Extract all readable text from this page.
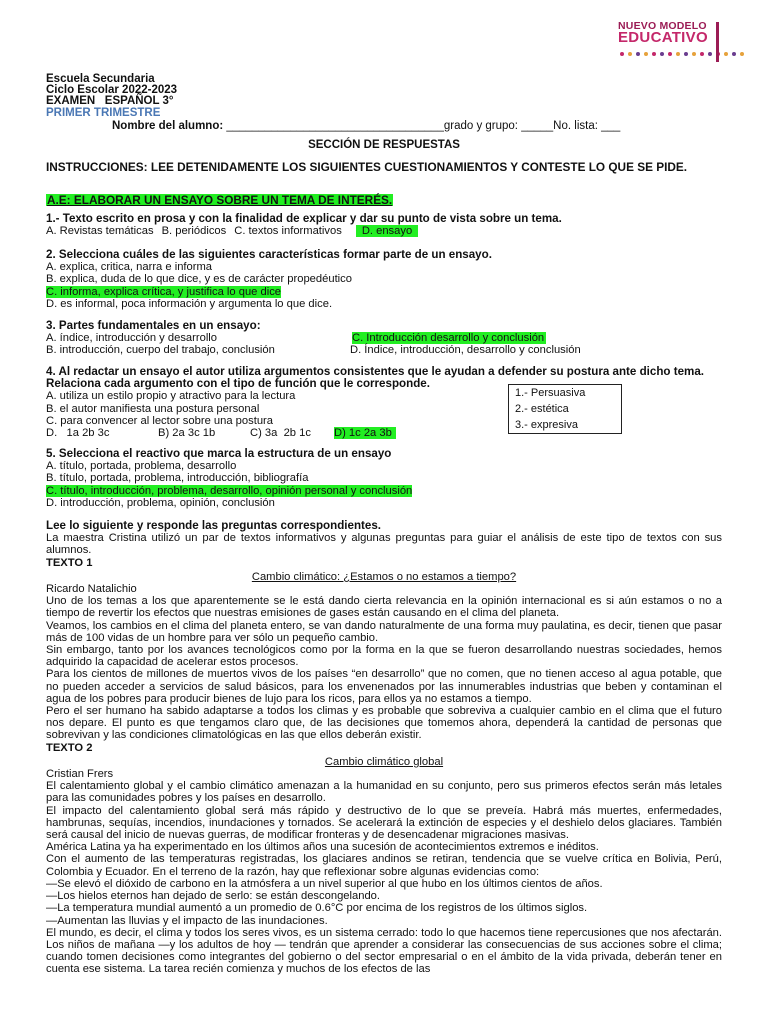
NUEVO MODELO
EDUCATIVO
Escuela Secundaria
Ciclo Escolar 2022-2023
EXAMEN   ESPAÑOL 3°
PRIMER TRIMESTRE
Nombre del alumno: __________________________________grado y grupo: _____No. lista: ___
SECCIÓN DE RESPUESTAS
INSTRUCCIONES: LEE DETENIDAMENTE LOS SIGUIENTES CUESTIONAMIENTOS Y CONTESTE LO QUE SE PIDE.
A.E: ELABORAR UN ENSAYO SOBRE UN TEMA DE INTERÉS.
1.- Texto escrito en prosa y con la finalidad de explicar y dar su punto de vista sobre un tema.
A. Revistas temáticas B. periódicos C. textos informativos D. ensayo
2. Selecciona cuáles de las siguientes características formar parte de un ensayo.
A. explica, critica, narra e informa
B. explica, duda de lo que dice, y es de carácter propedéutico
C. informa, explica crítica, y justifica lo que dice
D. es informal, poca información y argumenta lo que dice.
3. Partes fundamentales en un ensayo:
A. índice, introducción y desarrollo	C. Introducción desarrollo y conclusión
B. introducción, cuerpo del trabajo, conclusión	D. Índice, introducción, desarrollo y conclusión
4. Al redactar un ensayo el autor utiliza argumentos consistentes que le ayudan a defender su postura ante dicho tema. Relaciona cada argumento con el tipo de función que le corresponde.
A. utiliza un estilo propio y atractivo para la lectura
B. el autor manifiesta una postura personal
C. para convencer al lector sobre una postura
D.   1a 2b 3c	B) 2a 3c 1b	C) 3a  2b 1c D) 1c 2a 3b
1.- Persuasiva
2.- estética
3.- expresiva
5. Selecciona el reactivo que marca la estructura de un ensayo
A. título, portada, problema, desarrollo
B. título, portada, problema, introducción, bibliografía
C. título, introducción, problema, desarrollo, opinión personal y conclusión
D. introducción, problema, opinión, conclusión

Lee lo siguiente y responde las preguntas correspondientes.

La maestra Cristina utilizó un par de textos informativos y algunas preguntas para guiar el análisis de este tipo de textos con sus alumnos.

TEXTO 1

Cambio climático: ¿Estamos o no estamos a tiempo?

Ricardo Natalichio

Uno de los temas a los que aparentemente se le está dando cierta relevancia en la opinión internacional es si aún estamos o no a tiempo de revertir los efectos que nuestras emisiones de gases están causando en el clima del planeta.

Veamos, los cambios en el clima del planeta entero, se van dando naturalmente de una forma muy paulatina, es decir, tienen que pasar más de 100 vidas de un hombre para ver sólo un pequeño cambio.

Sin embargo, tanto por los avances tecnológicos como por la forma en la que se fueron desarrollando nuestras sociedades, hemos adquirido la capacidad de acelerar estos procesos.

Para los cientos de millones de muertos vivos de los países “en desarrollo” que no comen, que no tienen acceso al agua potable, que no pueden acceder a servicios de salud básicos, para los envenenados por las innumerables industrias que beben y contaminan el agua de los pobres para producir bienes de lujo para los ricos, para ellos ya no estamos a tiempo.

Pero el ser humano ha sabido adaptarse a todos los climas y es probable que sobreviva a cualquier cambio en el clima que el futuro nos depare. El punto es que tengamos claro que, de las decisiones que tomemos ahora, dependerá la cantidad de personas que sobrevivan y las condiciones climatológicas en las que ellos deberán existir.

TEXTO 2

Cambio climático global

Cristian Frers

El calentamiento global y el cambio climático amenazan a la humanidad en su conjunto, pero sus primeros efectos serán más letales para las comunidades pobres y los países en desarrollo.

El impacto del calentamiento global será más rápido y destructivo de lo que se preveía. Habrá más muertes, enfermedades, hambrunas, sequías, incendios, inundaciones y tornados. Se acelerará la extinción de especies y el deshielo delos glaciares. También será causal del inicio de nuevas guerras, de modificar fronteras y de desencadenar migraciones masivas.

América Latina ya ha experimentado en los últimos años una sucesión de acontecimientos extremos e inéditos.

Con el aumento de las temperaturas registradas, los glaciares andinos se retiran, tendencia que se vuelve crítica en Bolivia, Perú, Colombia y Ecuador. En el terreno de la razón, hay que reflexionar sobre algunas evidencias como:

—Se elevó el dióxido de carbono en la atmósfera a un nivel superior al que hubo en los últimos cientos de años.

—Los hielos eternos han dejado de serlo: se están descongelando.

—La temperatura mundial aumentó a un promedio de 0.6°C por encima de los registros de los últimos siglos.

—Aumentan las lluvias y el impacto de las inundaciones.

El mundo, es decir, el clima y todos los seres vivos, es un sistema cerrado: todo lo que hacemos tiene repercusiones que nos afectarán. Los niños de mañana —y los adultos de hoy — tendrán que aprender a considerar las consecuencias de sus acciones sobre el clima; cuando tomen decisiones como integrantes del gobierno o del sector empresarial o en el ámbito de la vida privada, deberán tener en cuenta ese sistema. La tarea recién comienza y muchos de los efectos de las
